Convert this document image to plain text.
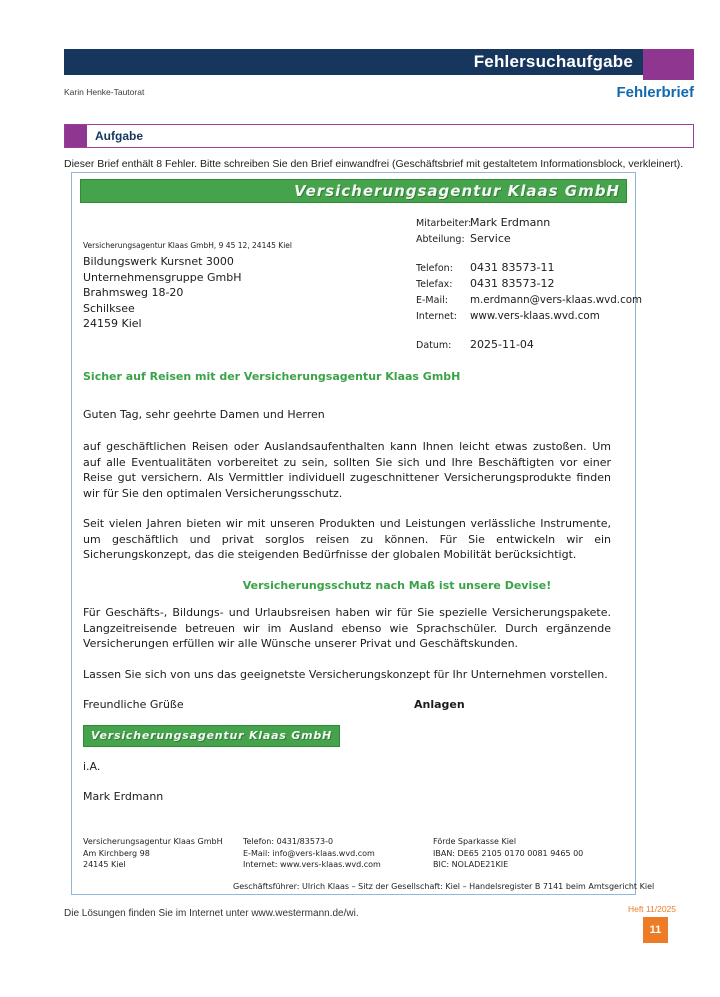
Fehlersuchaufgabe
Karin Henke-Tautorat	Fehlerbrief
Aufgabe
Dieser Brief enthält 8 Fehler. Bitte schreiben Sie den Brief einwandfrei (Geschäftsbrief mit gestaltetem Informationsblock, verkleinert).
Versicherungsagentur Klaas GmbH
Mitarbeiter:Mark Erdmann
Abteilung: Service
Telefon: 0431 83573-11
Telefax: 0431 83573-12
E-Mail: m.erdmann@vers-klaas.wvd.com
Internet: www.vers-klaas.wvd.com
Datum: 2025-11-04
Versicherungsagentur Klaas GmbH, 9 45 12, 24145 Kiel
Bildungswerk Kursnet 3000
Unternehmensgruppe GmbH
Brahmsweg 18-20
Schilksee
24159 Kiel
Sicher auf Reisen mit der Versicherungsagentur Klaas GmbH
Guten Tag, sehr geehrte Damen und Herren
auf geschäftlichen Reisen oder Auslandsaufenthalten kann Ihnen leicht etwas zustoßen. Um auf alle Eventualitäten vorbereitet zu sein, sollten Sie sich und Ihre Beschäftigten vor einer Reise gut versichern. Als Vermittler individuell zugeschnittener Versicherungsprodukte finden wir für Sie den optimalen Versicherungsschutz.
Seit vielen Jahren bieten wir mit unseren Produkten und Leistungen verlässliche Instrumente, um geschäftlich und privat sorglos reisen zu können. Für Sie entwickeln wir ein Sicherungskonzept, das die steigenden Bedürfnisse der globalen Mobilität berücksichtigt.
Versicherungsschutz nach Maß ist unsere Devise!
Für Geschäfts-, Bildungs- und Urlaubsreisen haben wir für Sie spezielle Versicherungspakete. Langzeitreisende betreuen wir im Ausland ebenso wie Sprachschüler. Durch ergänzende Versicherungen erfüllen wir alle Wünsche unserer Privat und Geschäftskunden.
Lassen Sie sich von uns das geeignetste Versicherungskonzept für Ihr Unternehmen vorstellen.
Freundliche Grüße	Anlagen
Versicherungsagentur Klaas GmbH
i.A.
Mark Erdmann
Versicherungsagentur Klaas GmbH
Am Kirchberg 98
24145 Kiel
Telefon: 0431/83573-0
E-Mail: info@vers-klaas.wvd.com
Internet: www.vers-klaas.wvd.com
Förde Sparkasse Kiel
IBAN: DE65 2105 0170 0081 9465 00
BIC: NOLADE21KIE
Geschäftsführer: Ulrich Klaas – Sitz der Gesellschaft: Kiel – Handelsregister B 7141 beim Amtsgericht Kiel
Die Lösungen finden Sie im Internet unter www.westermann.de/wi.	Heft 11/2025
11
